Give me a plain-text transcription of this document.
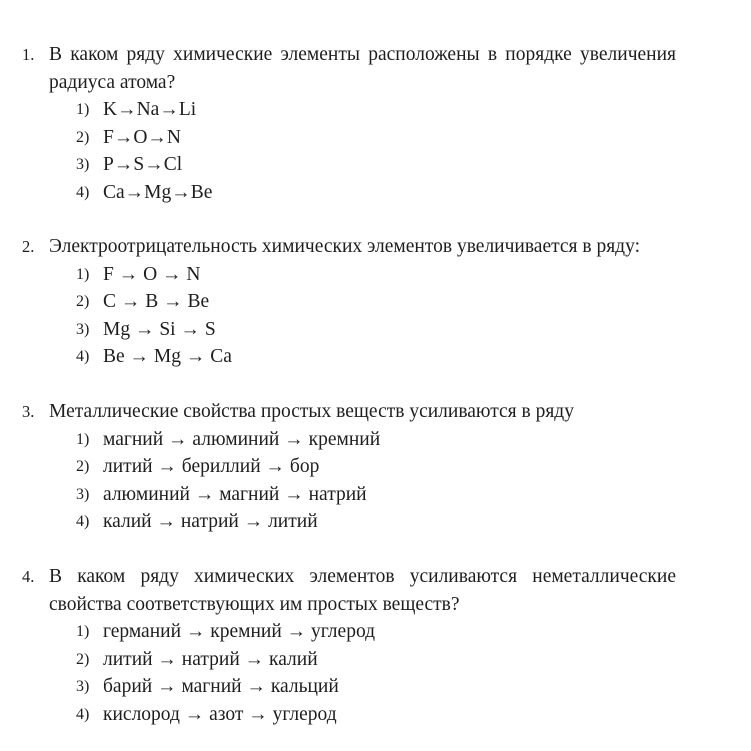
1. В каком ряду химические элементы расположены в порядке увеличения радиуса атома?
1) K→Na→Li
2) F→O→N
3) P→S→Cl
4) Ca→Mg→Be
2. Электроотрицательность химических элементов увеличивается в ряду:
1) F → O → N
2) C → B → Be
3) Mg → Si → S
4) Be → Mg → Ca
3. Металлические свойства простых веществ усиливаются в ряду
1) магний → алюминий → кремний
2) литий → бериллий → бор
3) алюминий → магний → натрий
4) калий → натрий → литий
4. В каком ряду химических элементов усиливаются неметаллические свойства соответствующих им простых веществ?
1) германий → кремний → углерод
2) литий → натрий → калий
3) барий → магний → кальций
4) кислород → азот → углерод
